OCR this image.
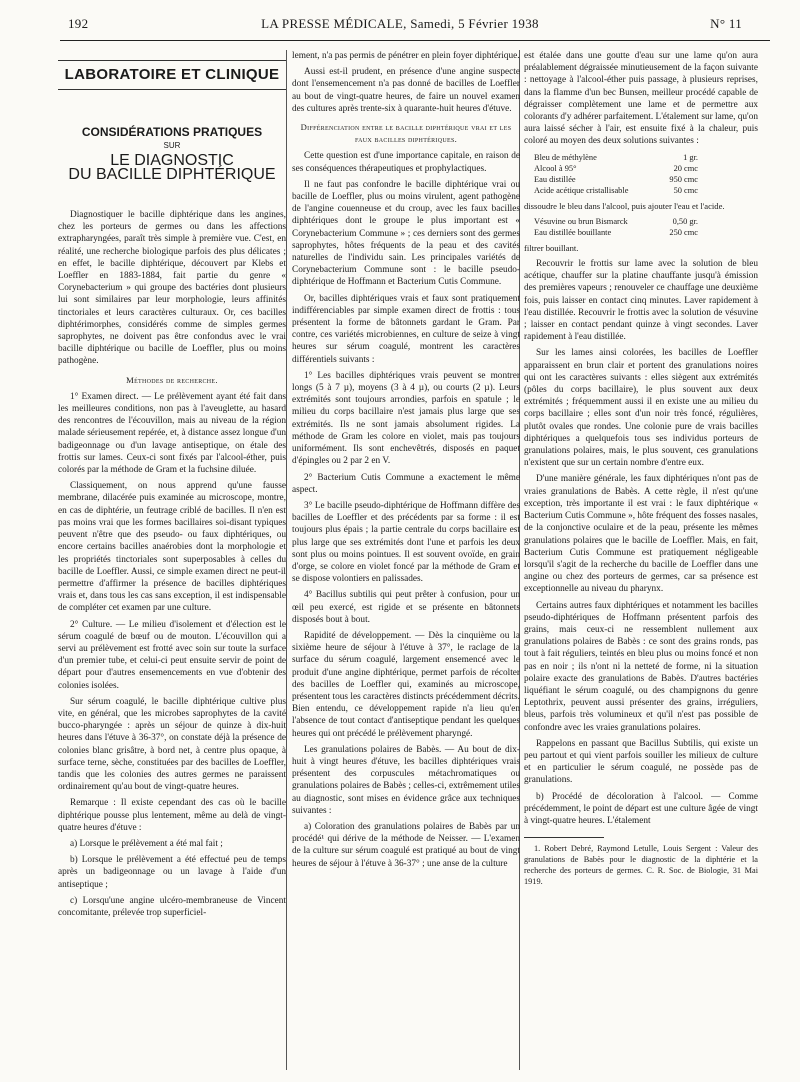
192	LA PRESSE MÉDICALE, Samedi, 5 Février 1938	N° 11
LABORATOIRE ET CLINIQUE
CONSIDÉRATIONS PRATIQUES
SUR
LE DIAGNOSTIC
DU BACILLE DIPHTÉRIQUE

Diagnostiquer le bacille diphtérique dans les angines, chez les porteurs de germes ou dans les affections extrapharyngées, paraît très simple à première vue. C'est, en réalité, une recherche biologique parfois des plus délicates ; en effet, le bacille diphtérique, découvert par Klebs et Loeffler en 1883-1884, fait partie du genre « Corynebacterium » qui groupe des bactéries dont plusieurs lui sont similaires par leur morphologie, leurs affinités tinctoriales et leurs caractères culturaux. Or, ces bacilles diphtérimorphes, considérés comme de simples germes saprophytes, ne doivent pas être confondus avec le vrai bacille diphtérique ou bacille de Loeffler, plus ou moins pathogène.

Méthodes de recherche.

1° Examen direct. — Le prélèvement ayant été fait dans les meilleures conditions, non pas à l'aveuglette, au hasard des rencontres de l'écouvillon, mais au niveau de la région malade sérieusement repérée, et, à distance assez longue d'un badigeonnage ou d'un lavage antiseptique, on étale des frottis sur lames. Ceux-ci sont fixés par l'alcool-éther, puis colorés par la méthode de Gram et la fuchsine diluée.

Classiquement, on nous apprend qu'une fausse membrane, dilacérée puis examinée au microscope, montre, en cas de diphtérie, un feutrage criblé de bacilles. Il n'en est pas moins vrai que les formes bacillaires soi-disant typiques peuvent n'être que des pseudo- ou faux diphtériques, ou encore certains bacilles anaérobies dont la morphologie et les propriétés tinctoriales sont superposables à celles du bacille de Loeffler. Aussi, ce simple examen direct ne peut-il permettre d'affirmer la présence de bacilles diphtériques vrais et, dans tous les cas sans exception, il est indispensable de compléter cet examen par une culture.

2° Culture. — Le milieu d'isolement et d'élection est le sérum coagulé de bœuf ou de mouton. L'écouvillon qui a servi au prélèvement est frotté avec soin sur toute la surface d'un premier tube, et celui-ci peut ensuite servir de point de départ pour d'autres ensemencements en vue d'obtenir des colonies isolées.

Sur sérum coagulé, le bacille diphtérique cultive plus vite, en général, que les microbes saprophytes de la cavité bucco-pharyngée : après un séjour de quinze à dix-huit heures dans l'étuve à 36-37°, on constate déjà la présence de colonies blanc grisâtre, à bord net, à centre plus opaque, à surface terne, sèche, constituées par des bacilles de Loeffler, tandis que les colonies des autres germes ne paraissent ordinairement qu'au bout de vingt-quatre heures.

Remarque : Il existe cependant des cas où le bacille diphtérique pousse plus lentement, même au delà de vingt-quatre heures d'étuve :

a) Lorsque le prélèvement a été mal fait ;

b) Lorsque le prélèvement a été effectué peu de temps après un badigeonnage ou un lavage à l'aide d'un antiseptique ;

c) Lorsqu'une angine ulcéro-membraneuse de Vincent concomitante, prélevée trop superficiel-

lement, n'a pas permis de pénétrer en plein foyer diphtérique.

Aussi est-il prudent, en présence d'une angine suspecte dont l'ensemencement n'a pas donné de bacilles de Loeffler au bout de vingt-quatre heures, de faire un nouvel examen des cultures après trente-six à quarante-huit heures d'étuve.

Différenciation entre le bacille diphtérique vrai et les faux bacilles diphtériques.

Cette question est d'une importance capitale, en raison de ses conséquences thérapeutiques et prophylactiques.

Il ne faut pas confondre le bacille diphtérique vrai ou bacille de Loeffler, plus ou moins virulent, agent pathogène de l'angine couenneuse et du croup, avec les faux bacilles diphtériques dont le groupe le plus important est « Corynebacterium Commune » ; ces derniers sont des germes saprophytes, hôtes fréquents de la peau et des cavités naturelles de l'individu sain. Les principales variétés de Corynebacterium Commune sont : le bacille pseudo-diphtérique de Hoffmann et Bacterium Cutis Commune.

Or, bacilles diphtériques vrais et faux sont pratiquement indifférenciables par simple examen direct de frottis : tous présentent la forme de bâtonnets gardant le Gram. Par contre, ces variétés microbiennes, en culture de seize à vingt heures sur sérum coagulé, montrent les caractères différentiels suivants :

1° Les bacilles diphtériques vrais peuvent se montrer longs (5 à 7 µ), moyens (3 à 4 µ), ou courts (2 µ). Leurs extrémités sont toujours arrondies, parfois en spatule ; le milieu du corps bacillaire n'est jamais plus large que ses extrémités. Ils ne sont jamais absolument rigides. La méthode de Gram les colore en violet, mais pas toujours uniformément. Ils sont enchevêtrés, disposés en paquet d'épingles ou 2 par 2 en V.

2° Bacterium Cutis Commune a exactement le même aspect.

3° Le bacille pseudo-diphtérique de Hoffmann diffère des bacilles de Loeffler et des précédents par sa forme : il est toujours plus épais ; la partie centrale du corps bacillaire est plus large que ses extrémités dont l'une et parfois les deux sont plus ou moins pointues. Il est souvent ovoïde, en grain d'orge, se colore en violet foncé par la méthode de Gram et se dispose volontiers en palissades.

4° Bacillus subtilis qui peut prêter à confusion, pour un œil peu exercé, est rigide et se présente en bâtonnets disposés bout à bout.

Rapidité de développement. — Dès la cinquième ou la sixième heure de séjour à l'étuve à 37°, le raclage de la surface du sérum coagulé, largement ensemencé avec le produit d'une angine diphtérique, permet parfois de récolter des bacilles de Loeffler qui, examinés au microscope, présentent tous les caractères distincts précédemment décrits. Bien entendu, ce développement rapide n'a lieu qu'en l'absence de tout contact d'antiseptique pendant les quelques heures qui ont précédé le prélèvement pharyngé.

Les granulations polaires de Babès. — Au bout de dix-huit à vingt heures d'étuve, les bacilles diphtériques vrais présentent des corpuscules métachromatiques ou granulations polaires de Babès ; celles-ci, extrêmement utiles au diagnostic, sont mises en évidence grâce aux techniques suivantes :

a) Coloration des granulations polaires de Babès par un procédé¹ qui dérive de la méthode de Neisser. — L'examen de la culture sur sérum coagulé est pratiqué au bout de vingt heures de séjour à l'étuve à 36-37° ; une anse de la culture

est étalée dans une goutte d'eau sur une lame qu'on aura préalablement dégraissée minutieusement de la façon suivante : nettoyage à l'alcool-éther puis passage, à plusieurs reprises, dans la flamme d'un bec Bunsen, meilleur procédé capable de dégraisser complètement une lame et de permettre aux colorants d'y adhérer parfaitement. L'étalement sur lame, qu'on aura laissé sécher à l'air, est ensuite fixé à la chaleur, puis coloré au moyen des deux solutions suivantes :

Bleu de méthylène	1 gr.
Alcool à 95°	20 cmc
Eau distillée	950 cmc
Acide acétique cristallisable	50 cmc

dissoudre le bleu dans l'alcool, puis ajouter l'eau et l'acide.

Vésuvine ou brun Bismarck	0,50 gr.
Eau distillée bouillante	250 cmc

filtrer bouillant.

Recouvrir le frottis sur lame avec la solution de bleu acétique, chauffer sur la platine chauffante jusqu'à émission des premières vapeurs ; renouveler ce chauffage une deuxième fois, puis laisser en contact cinq minutes. Laver rapidement à l'eau distillée. Recouvrir le frottis avec la solution de vésuvine ; laisser en contact pendant quinze à vingt secondes. Laver rapidement à l'eau distillée.

Sur les lames ainsi colorées, les bacilles de Loeffler apparaissent en brun clair et portent des granulations noires qui ont les caractères suivants : elles siègent aux extrémités (pôles du corps bacillaire), le plus souvent aux deux extrémités ; fréquemment aussi il en existe une au milieu du corps bacillaire ; elles sont d'un noir très foncé, régulières, plutôt ovales que rondes. Une colonie pure de vrais bacilles diphtériques a quelquefois tous ses individus porteurs de granulations polaires, mais, le plus souvent, ces granulations n'existent que sur un certain nombre d'entre eux.

D'une manière générale, les faux diphtériques n'ont pas de vraies granulations de Babès. A cette règle, il n'est qu'une exception, très importante il est vrai : le faux diphtérique « Bacterium Cutis Commune », hôte fréquent des fosses nasales, de la conjonctive oculaire et de la peau, présente les mêmes granulations polaires que le bacille de Loeffler. Mais, en fait, Bacterium Cutis Commune est pratiquement négligeable lorsqu'il s'agit de la recherche du bacille de Loeffler dans une angine ou chez des porteurs de germes, car sa présence est exceptionnelle au niveau du pharynx.

Certains autres faux diphtériques et notamment les bacilles pseudo-diphtériques de Hoffmann présentent parfois des grains, mais ceux-ci ne ressemblent nullement aux granulations polaires de Babès : ce sont des grains ronds, pas tout à fait réguliers, teintés en bleu plus ou moins foncé et non pas en noir ; ils n'ont ni la netteté de forme, ni la situation polaire exacte des granulations de Babès. D'autres bactéries liquéfiant le sérum coagulé, ou des champignons du genre Leptothrix, peuvent aussi présenter des grains, irréguliers, bleus, parfois très volumineux et qu'il n'est pas possible de confondre avec les vraies granulations polaires.

Rappelons en passant que Bacillus Subtilis, qui existe un peu partout et qui vient parfois souiller les milieux de culture et en particulier le sérum coagulé, ne possède pas de granulations.

b) Procédé de décoloration à l'alcool. — Comme précédemment, le point de départ est une culture âgée de vingt à vingt-quatre heures. L'étalement

1. Robert Debré, Raymond Letulle, Louis Sergent : Valeur des granulations de Babès pour le diagnostic de la diphtérie et la recherche des porteurs de germes. C. R. Soc. de Biologie, 31 Mai 1919.
